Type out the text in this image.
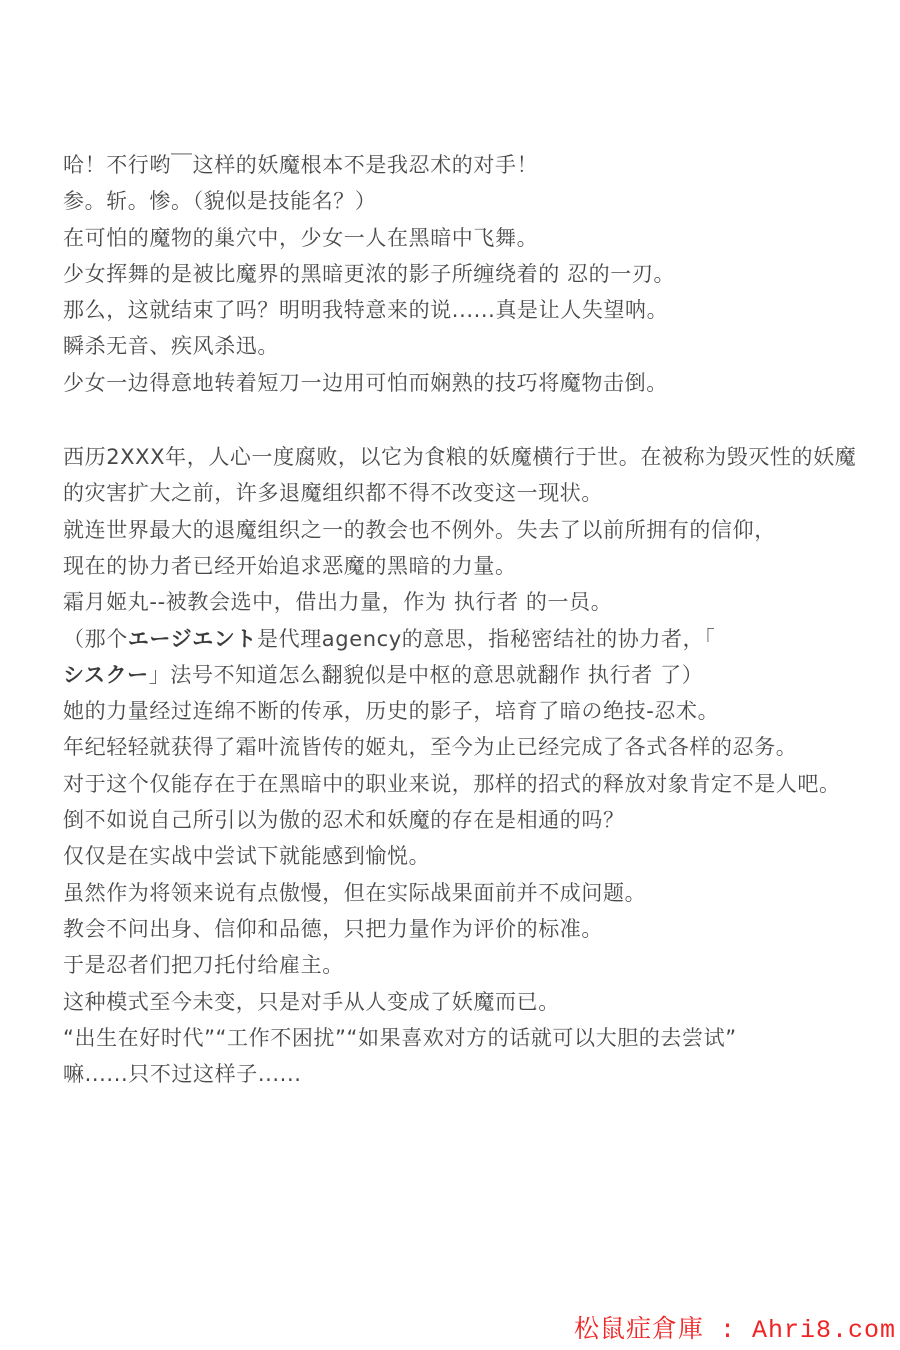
哈！不行哟￣这样的妖魔根本不是我忍术的对手！
参。斩。惨。（貌似是技能名？）
在可怕的魔物的巢穴中，少女一人在黑暗中飞舞。
少女挥舞的是被比魔界的黑暗更浓的影子所缠绕着的 忍的一刃。
那么，这就结束了吗？明明我特意来的说......真是让人失望呐。
瞬杀无音、疾风杀迅。
少女一边得意地转着短刀一边用可怕而娴熟的技巧将魔物击倒。
西历2XXX年，人心一度腐败，以它为食粮的妖魔横行于世。在被称为毁灭性的妖魔
的灾害扩大之前，许多退魔组织都不得不改变这一现状。
就连世界最大的退魔组织之一的教会也不例外。失去了以前所拥有的信仰，
现在的协力者已经开始追求恶魔的黑暗的力量。
霜月姬丸--被教会选中，借出力量，作为 执行者 的一员。
（那个エージエント是代理agency的意思，指秘密结社的协力者，「
シスクー」法号不知道怎么翻貌似是中枢的意思就翻作 执行者 了）
她的力量经过连绵不断的传承，历史的影子，培育了暗の绝技-忍术。
年纪轻轻就获得了霜叶流皆传的姬丸，至今为止已经完成了各式各样的忍务。
对于这个仅能存在于在黑暗中的职业来说，那样的招式的释放对象肯定不是人吧。
倒不如说自己所引以为傲的忍术和妖魔的存在是相通的吗？
仅仅是在实战中尝试下就能感到愉悦。
虽然作为将领来说有点傲慢，但在实际战果面前并不成问题。
教会不问出身、信仰和品德，只把力量作为评价的标准。
于是忍者们把刀托付给雇主。
这种模式至今未变，只是对手从人变成了妖魔而已。
“出生在好时代”“工作不困扰”“如果喜欢对方的话就可以大胆的去尝试”
嘛......只不过这样子......
松鼠症倉庫 : Ahri8.com
